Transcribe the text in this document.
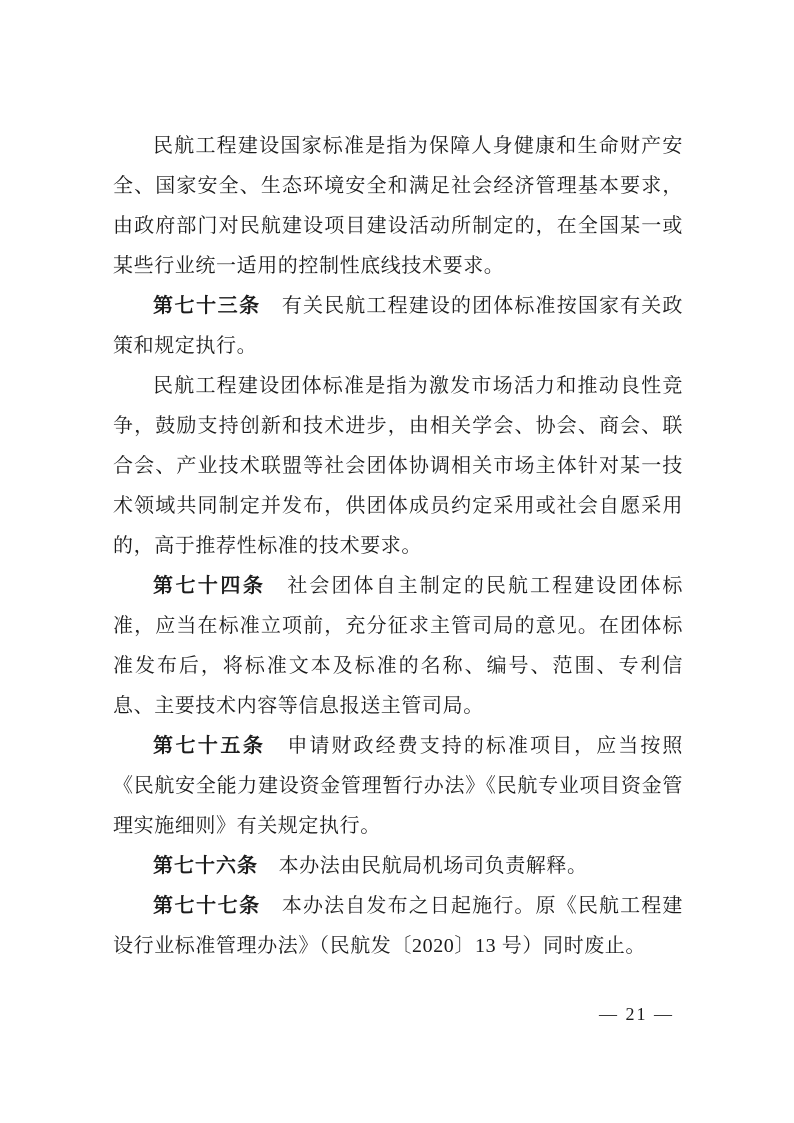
民航工程建设国家标准是指为保障人身健康和生命财产安全、国家安全、生态环境安全和满足社会经济管理基本要求，由政府部门对民航建设项目建设活动所制定的，在全国某一或某些行业统一适用的控制性底线技术要求。

第七十三条　有关民航工程建设的团体标准按国家有关政策和规定执行。

民航工程建设团体标准是指为激发市场活力和推动良性竞争，鼓励支持创新和技术进步，由相关学会、协会、商会、联合会、产业技术联盟等社会团体协调相关市场主体针对某一技术领域共同制定并发布，供团体成员约定采用或社会自愿采用的，高于推荐性标准的技术要求。

第七十四条　社会团体自主制定的民航工程建设团体标准，应当在标准立项前，充分征求主管司局的意见。在团体标准发布后，将标准文本及标准的名称、编号、范围、专利信息、主要技术内容等信息报送主管司局。

第七十五条　申请财政经费支持的标准项目，应当按照《民航安全能力建设资金管理暂行办法》《民航专业项目资金管理实施细则》有关规定执行。

第七十六条　本办法由民航局机场司负责解释。

第七十七条　本办法自发布之日起施行。原《民航工程建设行业标准管理办法》（民航发〔2020〕13 号）同时废止。

— 21 —
